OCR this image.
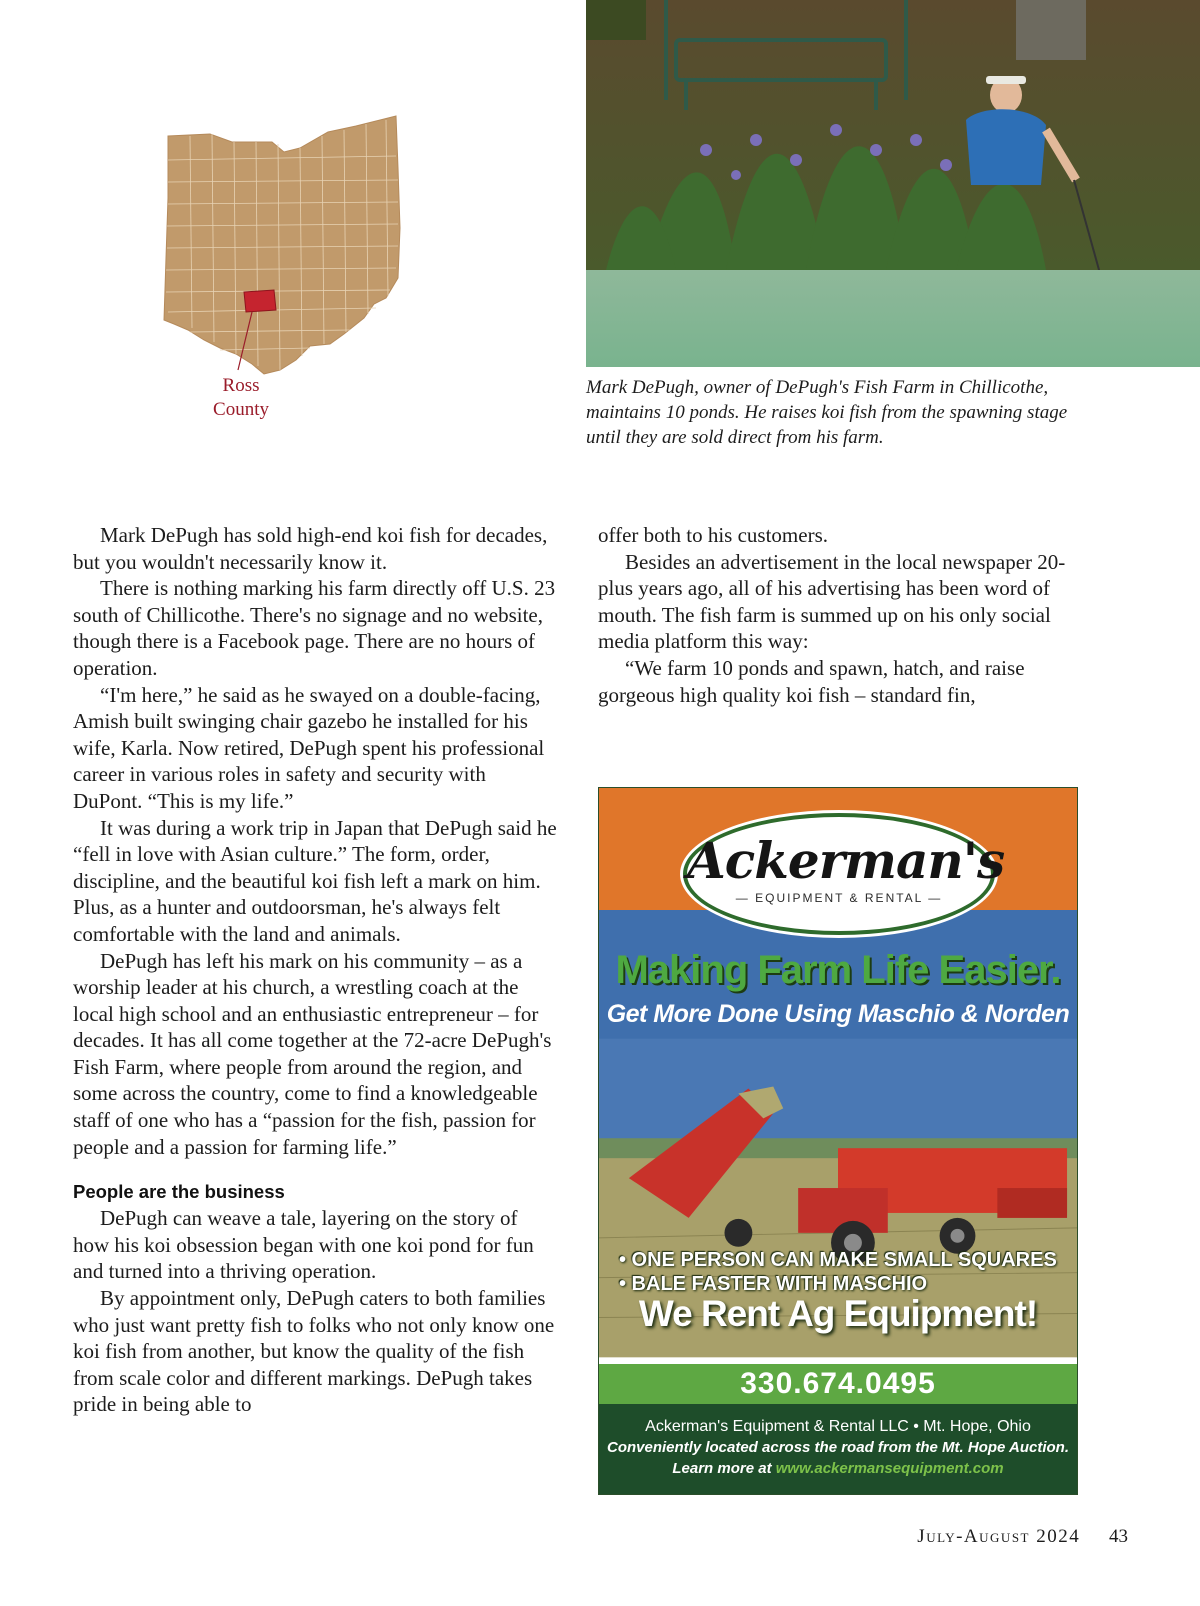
Ross
County
Mark DePugh, owner of DePugh's Fish Farm in Chillicothe, maintains 10 ponds. He raises koi fish from the spawning stage until they are sold direct from his farm.

Mark DePugh has sold high-end koi fish for decades, but you wouldn't necessarily know it.

There is nothing marking his farm directly off U.S. 23 south of Chillicothe. There's no signage and no website, though there is a Facebook page. There are no hours of operation.

“I'm here,” he said as he swayed on a double-facing, Amish built swinging chair gazebo he installed for his wife, Karla. Now retired, DePugh spent his professional career in various roles in safety and security with DuPont. “This is my life.”

It was during a work trip in Japan that DePugh said he “fell in love with Asian culture.” The form, order, discipline, and the beautiful koi fish left a mark on him. Plus, as a hunter and outdoorsman, he's always felt comfortable with the land and animals.

DePugh has left his mark on his community – as a worship leader at his church, a wrestling coach at the local high school and an enthusiastic entrepreneur – for decades. It has all come together at the 72-acre DePugh's Fish Farm, where people from around the region, and some across the country, come to find a knowledgeable staff of one who has a “passion for the fish, passion for people and a passion for farming life.”

People are the business

DePugh can weave a tale, layering on the story of how his koi obsession began with one koi pond for fun and turned into a thriving operation.

By appointment only, DePugh caters to both families who just want pretty fish to folks who not only know one koi fish from another, but know the quality of the fish from scale color and different markings. DePugh takes pride in being able to

offer both to his customers.

Besides an advertisement in the local newspaper 20-plus years ago, all of his advertising has been word of mouth. The fish farm is summed up on his only social media platform this way:

“We farm 10 ponds and spawn, hatch, and raise gorgeous high quality koi fish – standard fin,

Ackerman's
— EQUIPMENT & RENTAL —
Making Farm Life Easier.
Get More Done Using Maschio & Norden
• ONE PERSON CAN MAKE SMALL SQUARES
• BALE FASTER WITH MASCHIO
We Rent Ag Equipment!
330.674.0495
Ackerman's Equipment & Rental LLC • Mt. Hope, Ohio
Conveniently located across the road from the Mt. Hope Auction.
Learn more at www.ackermansequipment.com
July-August 2024 43
